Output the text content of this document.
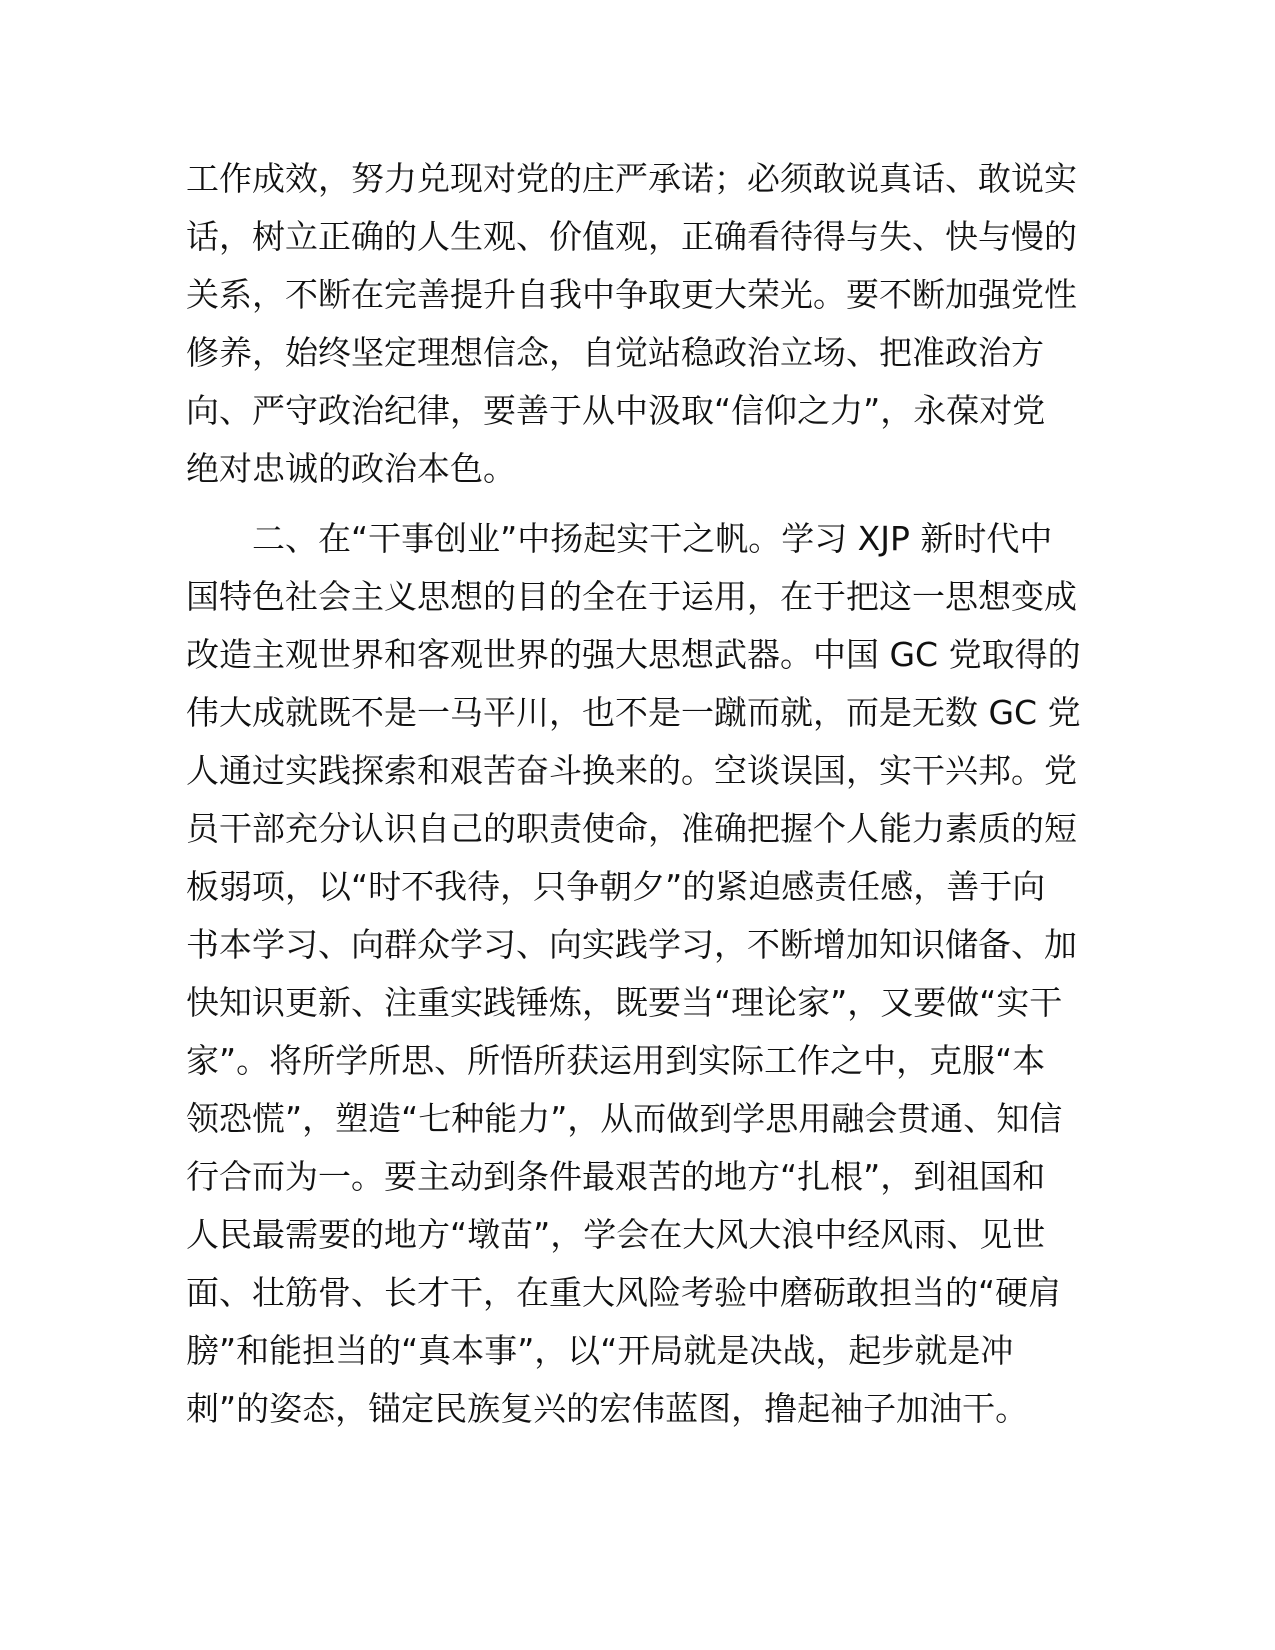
工作成效，努力兑现对党的庄严承诺；必须敢说真话、敢说实
话，树立正确的人生观、价值观，正确看待得与失、快与慢的
关系，不断在完善提升自我中争取更大荣光。要不断加强党性
修养，始终坚定理想信念，自觉站稳政治立场、把准政治方
向、严守政治纪律，要善于从中汲取“信仰之力”，永葆对党
绝对忠诚的政治本色。
　　二、在“干事创业”中扬起实干之帆。学习 XJP 新时代中
国特色社会主义思想的目的全在于运用，在于把这一思想变成
改造主观世界和客观世界的强大思想武器。中国 GC 党取得的
伟大成就既不是一马平川，也不是一蹴而就，而是无数 GC 党
人通过实践探索和艰苦奋斗换来的。空谈误国，实干兴邦。党
员干部充分认识自己的职责使命，准确把握个人能力素质的短
板弱项，以“时不我待，只争朝夕”的紧迫感责任感，善于向
书本学习、向群众学习、向实践学习，不断增加知识储备、加
快知识更新、注重实践锤炼，既要当“理论家”，又要做“实干
家”。将所学所思、所悟所获运用到实际工作之中，克服“本
领恐慌”，塑造“七种能力”，从而做到学思用融会贯通、知信
行合而为一。要主动到条件最艰苦的地方“扎根”，到祖国和
人民最需要的地方“墩苗”，学会在大风大浪中经风雨、见世
面、壮筋骨、长才干，在重大风险考验中磨砺敢担当的“硬肩
膀”和能担当的“真本事”，以“开局就是决战，起步就是冲
刺”的姿态，锚定民族复兴的宏伟蓝图，撸起袖子加油干。
